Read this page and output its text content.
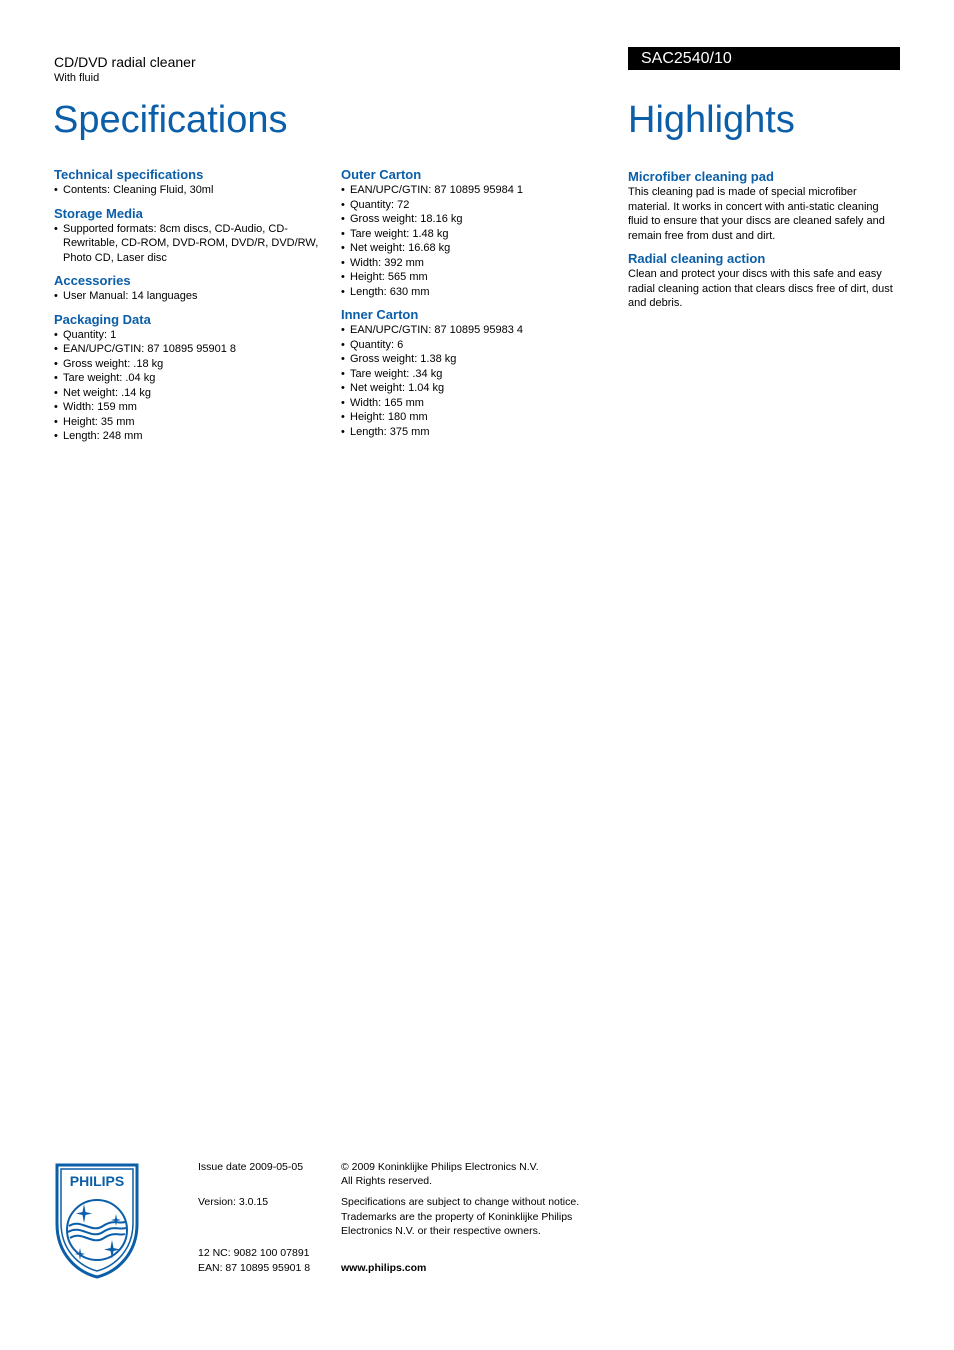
CD/DVD radial cleaner
With fluid
Specifications
SAC2540/10
Highlights
Technical specifications
• Contents: Cleaning Fluid, 30ml
Storage Media
• Supported formats: 8cm discs, CD-Audio, CD-Rewritable, CD-ROM, DVD-ROM, DVD/R, DVD/RW, Photo CD, Laser disc
Accessories
• User Manual: 14 languages
Packaging Data
• Quantity: 1
• EAN/UPC/GTIN: 87 10895 95901 8
• Gross weight: .18 kg
• Tare weight: .04 kg
• Net weight: .14 kg
• Width: 159 mm
• Height: 35 mm
• Length: 248 mm
Outer Carton
• EAN/UPC/GTIN: 87 10895 95984 1
• Quantity: 72
• Gross weight: 18.16 kg
• Tare weight: 1.48 kg
• Net weight: 16.68 kg
• Width: 392 mm
• Height: 565 mm
• Length: 630 mm
Inner Carton
• EAN/UPC/GTIN: 87 10895 95983 4
• Quantity: 6
• Gross weight: 1.38 kg
• Tare weight: .34 kg
• Net weight: 1.04 kg
• Width: 165 mm
• Height: 180 mm
• Length: 375 mm
Microfiber cleaning pad

This cleaning pad is made of special microfiber material. It works in concert with anti-static cleaning fluid to ensure that your discs are cleaned safely and remain free from dust and dirt.

Radial cleaning action

Clean and protect your discs with this safe and easy radial cleaning action that clears discs free of dirt, dust and debris.

PHILIPS
Issue date 2009-05-05
Version: 3.0.15
12 NC: 9082 100 07891
EAN: 87 10895 95901 8
© 2009 Koninklijke Philips Electronics N.V.
All Rights reserved.
Specifications are subject to change without notice. Trademarks are the property of Koninklijke Philips Electronics N.V. or their respective owners.
www.philips.com
